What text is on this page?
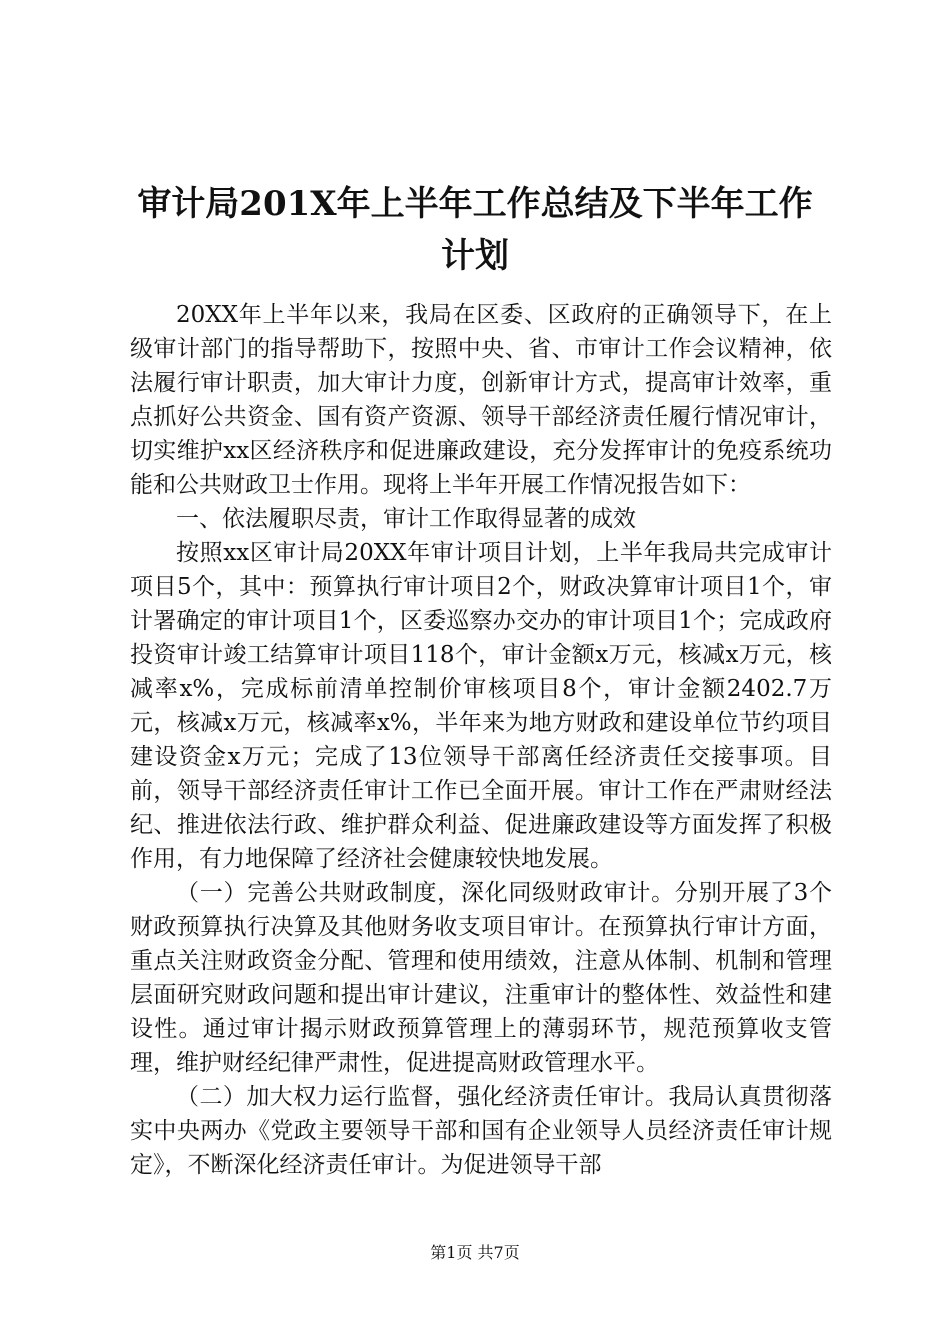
审计局201X年上半年工作总结及下半年工作
计划

20XX年上半年以来，我局在区委、区政府的正确领导下，在上级审计部门的指导帮助下，按照中央、省、市审计工作会议精神，依法履行审计职责，加大审计力度，创新审计方式，提高审计效率，重点抓好公共资金、国有资产资源、领导干部经济责任履行情况审计，切实维护xx区经济秩序和促进廉政建设，充分发挥审计的免疫系统功能和公共财政卫士作用。现将上半年开展工作情况报告如下：

一、依法履职尽责，审计工作取得显著的成效

按照xx区审计局20XX年审计项目计划，上半年我局共完成审计项目5个，其中：预算执行审计项目2个，财政决算审计项目1个，审计署确定的审计项目1个，区委巡察办交办的审计项目1个；完成政府投资审计竣工结算审计项目118个，审计金额x万元，核减x万元，核减率x%，完成标前清单控制价审核项目8个，审计金额2402.7万元，核减x万元，核减率x%，半年来为地方财政和建设单位节约项目建设资金x万元；完成了13位领导干部离任经济责任交接事项。目前，领导干部经济责任审计工作已全面开展。审计工作在严肃财经法纪、推进依法行政、维护群众利益、促进廉政建设等方面发挥了积极作用，有力地保障了经济社会健康较快地发展。

（一）完善公共财政制度，深化同级财政审计。分别开展了3个财政预算执行决算及其他财务收支项目审计。在预算执行审计方面，重点关注财政资金分配、管理和使用绩效，注意从体制、机制和管理层面研究财政问题和提出审计建议，注重审计的整体性、效益性和建设性。通过审计揭示财政预算管理上的薄弱环节，规范预算收支管理，维护财经纪律严肃性，促进提高财政管理水平。

（二）加大权力运行监督，强化经济责任审计。我局认真贯彻落实中央两办《党政主要领导干部和国有企业领导人员经济责任审计规定》，不断深化经济责任审计。为促进领导干部

第1页 共7页
